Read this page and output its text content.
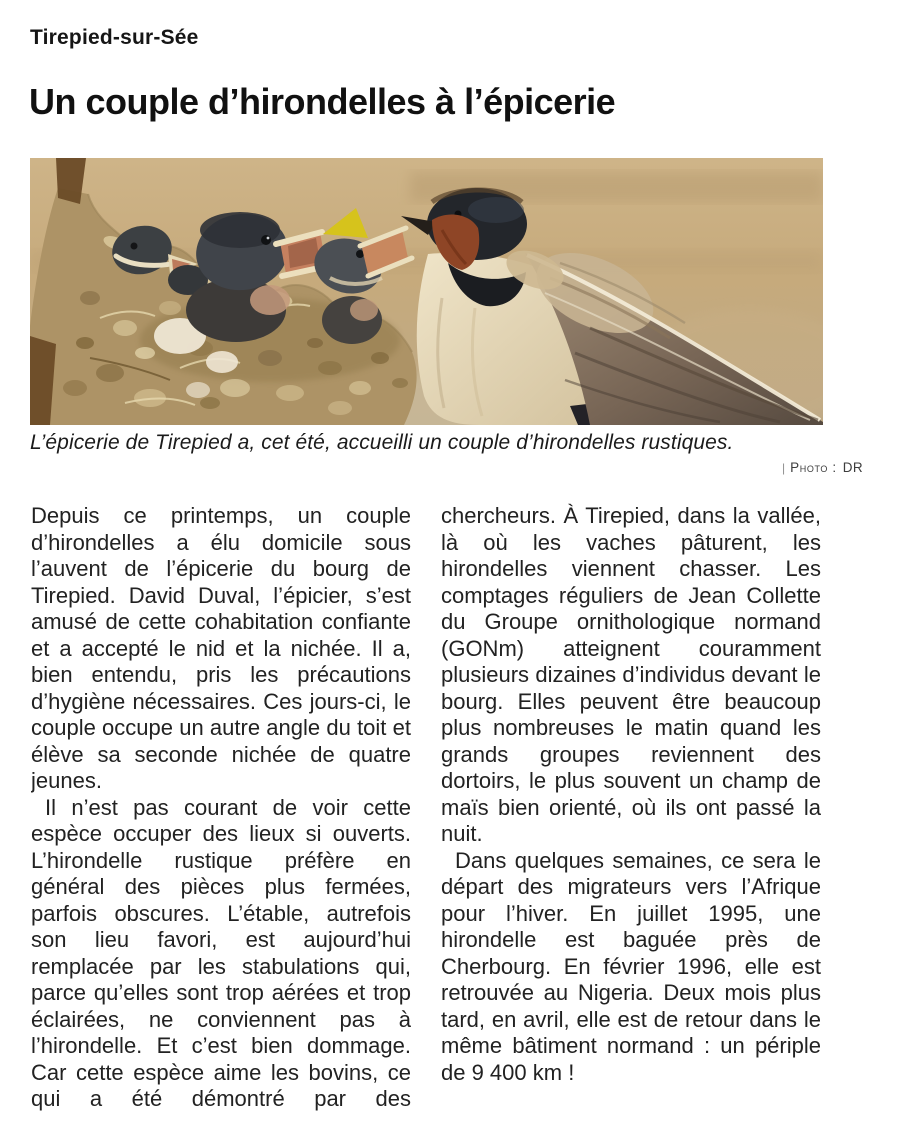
Tirepied-sur-Sée
Un couple d’hirondelles à l’épicerie
L’épicerie de Tirepied a, cet été, accueilli un couple d’hirondelles rustiques.
| Photo : DR

Depuis ce printemps, un couple d’hirondelles a élu domicile sous l’auvent de l’épicerie du bourg de Tirepied. David Duval, l’épicier, s’est amusé de cette cohabitation confiante et a accepté le nid et la nichée. Il a, bien entendu, pris les précautions d’hygiène nécessaires. Ces jours-ci, le couple occupe un autre angle du toit et élève sa seconde nichée de quatre jeunes.

Il n’est pas courant de voir cette espèce occuper des lieux si ouverts. L’hirondelle rustique préfère en général des pièces plus fermées, parfois obscures. L’étable, autrefois son lieu favori, est aujourd’hui remplacée par les stabulations qui, parce qu’elles sont trop aérées et trop éclairées, ne conviennent pas à l’hirondelle. Et c’est bien dommage. Car cette espèce aime les bovins, ce qui a été démontré par des chercheurs. À Tirepied, dans la vallée, là où les vaches pâturent, les hirondelles viennent chasser. Les comptages réguliers de Jean Collette du Groupe ornithologique normand (GONm) atteignent couramment plusieurs dizaines d’individus devant le bourg. Elles peuvent être beaucoup plus nombreuses le matin quand les grands groupes reviennent des dortoirs, le plus souvent un champ de maïs bien orienté, où ils ont passé la nuit.

Dans quelques semaines, ce sera le départ des migrateurs vers l’Afrique pour l’hiver. En juillet 1995, une hirondelle est baguée près de Cherbourg. En février 1996, elle est retrouvée au Nigeria. Deux mois plus tard, en avril, elle est de retour dans le même bâtiment normand : un périple de 9 400 km !
